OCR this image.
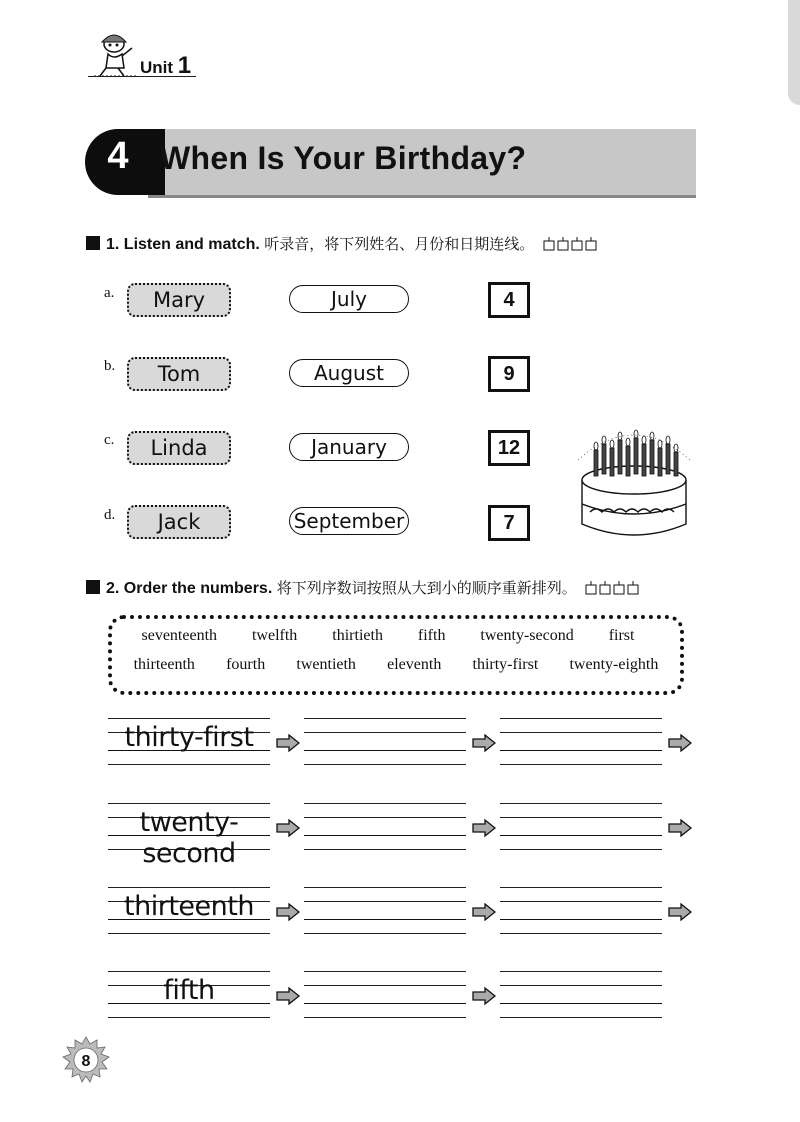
Unit 1
4 When Is Your Birthday?
1. Listen and match. 听录音，将下列姓名、月份和日期连线。
a.	Mary	July	4
b.	Tom	August	9
c.	Linda	January	12
d.	Jack	September	7
2. Order the numbers. 将下列序数词按照从大到小的顺序重新排列。
seventeenth twelfth thirtieth fifth twenty-second first
thirteenth fourth twentieth eleventh thirty-first twenty-eighth
thirty-first
twenty-second
thirteenth
fifth
8
